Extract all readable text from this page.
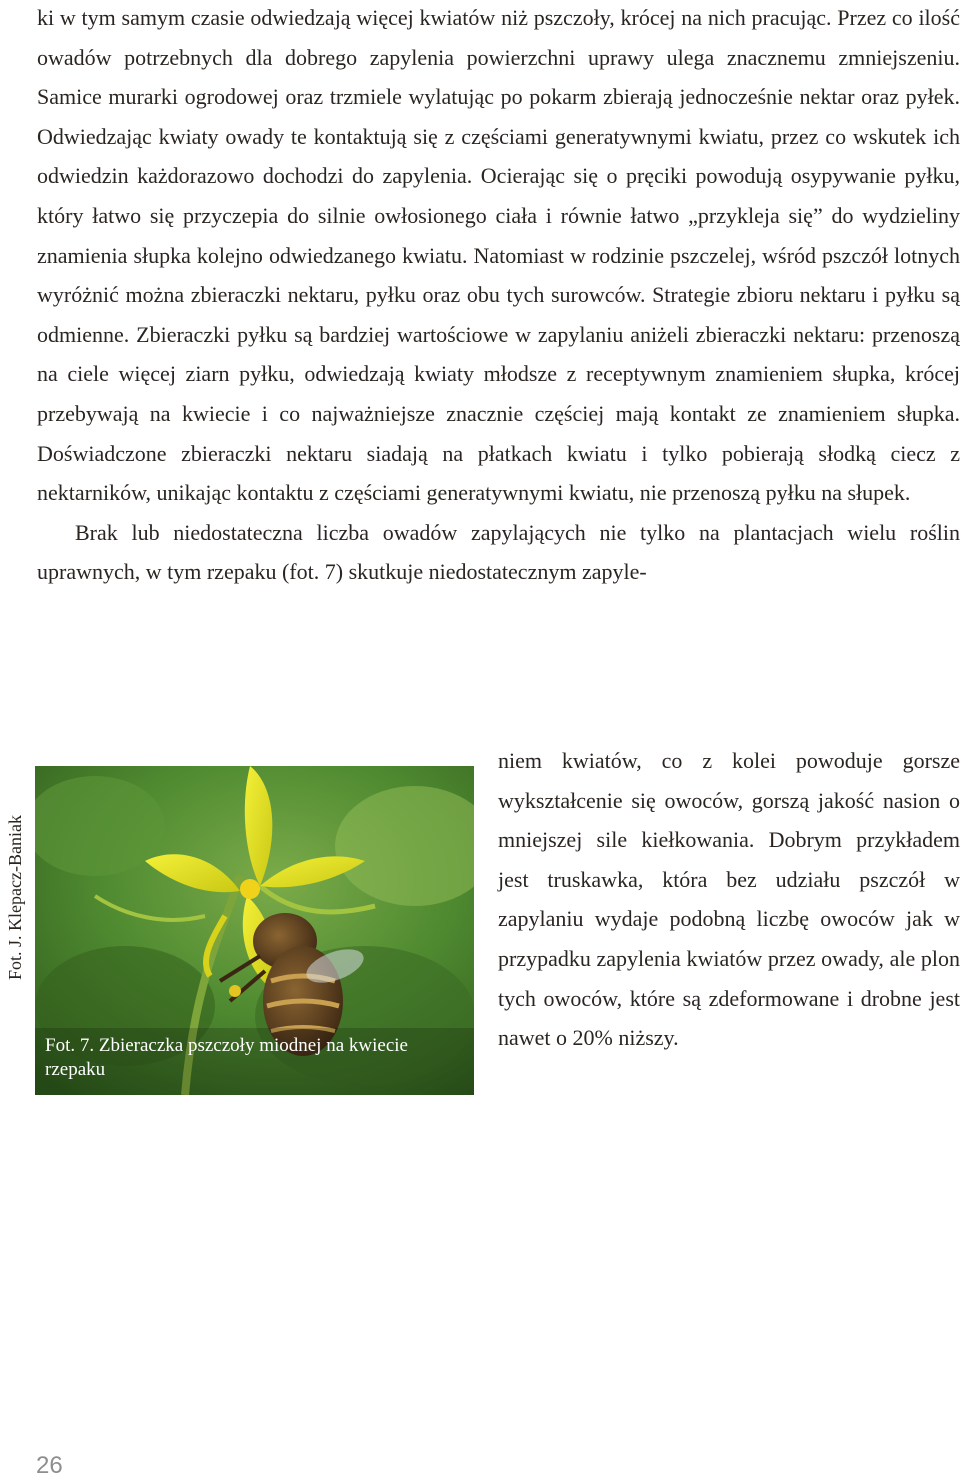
ki w tym samym czasie odwiedzają więcej kwiatów niż pszczoły, krócej na nich pracując. Przez co ilość owadów potrzebnych dla dobrego zapylenia powierzchni uprawy ulega znacznemu zmniejszeniu. Samice murarki ogrodowej oraz trzmiele wylatując po pokarm zbierają jednocześnie nektar oraz pyłek. Odwiedzając kwiaty owady te kontaktują się z częściami generatywnymi kwiatu, przez co wskutek ich odwiedzin każdorazowo dochodzi do zapylenia. Ocierając się o pręciki powodują osypywanie pyłku, który łatwo się przyczepia do silnie owłosionego ciała i równie łatwo „przykleja się” do wydzieliny znamienia słupka kolejno odwiedzanego kwiatu. Natomiast w rodzinie pszczelej, wśród pszczół lotnych wyróżnić można zbieraczki nektaru, pyłku oraz obu tych surowców. Strategie zbioru nektaru i pyłku są odmienne. Zbieraczki pyłku są bardziej wartościowe w zapylaniu aniżeli zbieraczki nektaru: przenoszą na ciele więcej ziarn pyłku, odwiedzają kwiaty młodsze z receptywnym znamieniem słupka, krócej przebywają na kwiecie i co najważniejsze znacznie częściej mają kontakt ze znamieniem słupka. Doświadczone zbieraczki nektaru siadają na płatkach kwiatu i tylko pobierają słodką ciecz z nektarników, unikając kontaktu z częściami generatywnymi kwiatu, nie przenoszą pyłku na słupek.

Brak lub niedostateczna liczba owadów zapylających nie tylko na plantacjach wielu roślin uprawnych, w tym rzepaku (fot. 7) skutkuje niedostatecznym zapyle-

niem kwiatów, co z kolei powoduje gorsze wykształcenie się owoców, gorszą jakość nasion o mniejszej sile kiełkowania. Dobrym przykładem jest truskawka, która bez udziału pszczół w zapylaniu wydaje podobną liczbę owoców jak w przypadku zapylenia kwiatów przez owady, ale plon tych owoców, które są zdeformowane i drobne jest nawet o 20% niższy.

Fot. J. Klepacz-Baniak
Fot. 7. Zbieraczka pszczoły miodnej na kwiecie rzepaku
26
